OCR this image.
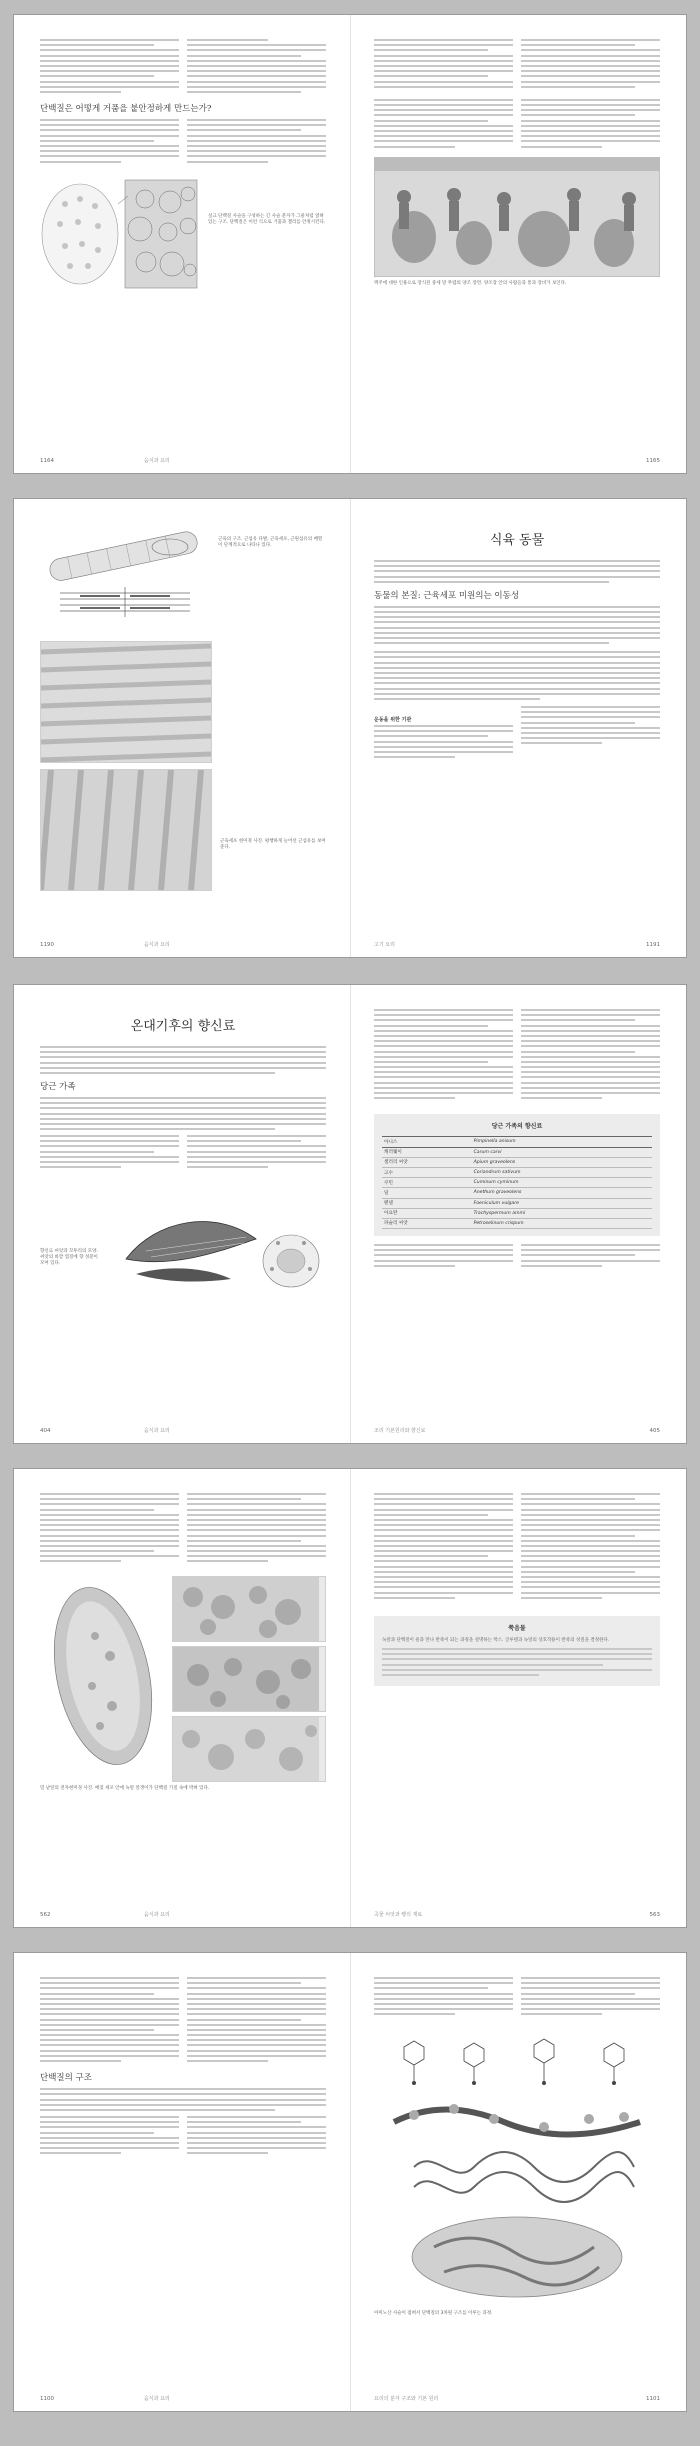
단백질은 어떻게 거품을 붙안정하게 만드는가?
실크 단백질 사슬을 구성하는 긴 사슬 분자가 그물처럼 얽혀 있는 구조. 단백질은 이런 식으로 거품과 젤리를 안정시킨다.
1164	음식과 요리
맥주에 대한 인용으로 장식된 중세 말 무렵의 양조 장면. 양조장 안의 사람들과 통과 장비가 보인다.
1165
근육의 구조. 근섬유 다발, 근육세포, 근원섬유의 배열이 단계적으로 나타나 있다.
근육세포 현미경 사진. 평행하게 늘어선 근섬유를 보여준다.
1190	음식과 요리
식육 동물
동물의 본질: 근육세포 미원의는 이동성
운동을 위한 기관
1191
고기 요리
온대기후의 향신료
당근 가족
향신료 씨앗과 꼬투리의 모양. 씨앗의 바깥 껍질에 향 성분이 모여 있다.
404	음식과 요리
당근 가족의 향신료
아니스	Pimpinella anisum
캐러웨이	Carum carvi
셀러리 씨앗	Apium graveolens
고수	Coriandrum sativum
쿠민	Cuminum cyminum
딜	Anethum graveolens
펜넬	Foeniculum vulgare
아요완	Trachyspermum ammi
파슬리 씨앗	Petroselinum crispum
405
조리 기본원리와 향신료
밀 낟알의 전자현미경 사진. 배젖 세포 안에 녹말 알갱이가 단백질 기질 속에 박혀 있다.
562	음식과 요리
쭉음물
녹말과 단백질이 물과 만나 반죽이 되는 과정을 설명하는 박스. 글루텐과 녹말의 상호작용이 반죽의 성질을 결정한다.
563
곡물 씨앗과 빵의 재료
단백질의 구조
1100	음식과 요리
아미노산 사슬이 접혀서 단백질의 3차원 구조를 이루는 과정.
1101
요리의 분자 구조와 기본 원리
